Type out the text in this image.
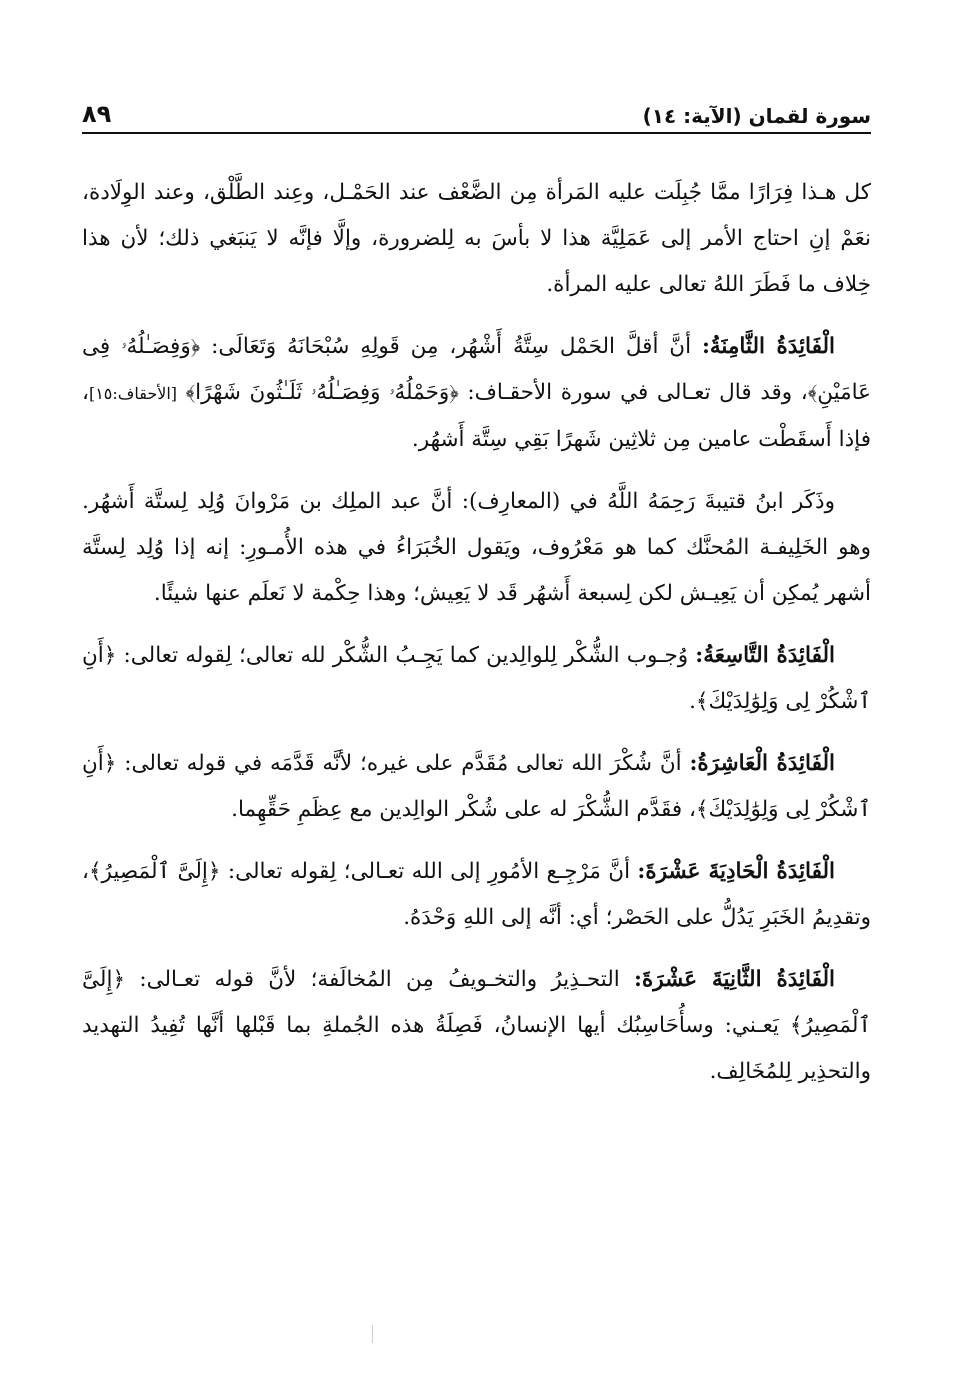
سورة لقمان (الآية: ١٤)
٨٩

كل هـذا فِرَارًا ممَّا جُبِلَت عليه المَرأة مِن الضَّعْف عند الحَمْـل، وعِند الطَّلْق، وعند الوِلَادة، نعَمْ إنِ احتاج الأمر إلى عَمَلِيَّة هذا لا بأسَ به لِلضرورة، وإلَّا فإنَّه لا يَنبَغي ذلك؛ لأن هذا خِلاف ما فَطَرَ اللهُ تعالى عليه المرأة.

الْفَائِدَةُ الثَّامِنَةُ: أنَّ أقلَّ الحَمْل سِتَّةُ أَشْهُر، مِن قَولِهِ سُبْحَانَهُ وَتَعَالَى: ﴿وَفِصَـٰلُهُۥ فِى عَامَيْنِ﴾، وقد قال تعـالى في سورة الأحقـاف: ﴿وَحَمْلُهُۥ وَفِصَـٰلُهُۥ ثَلَـٰثُونَ شَهْرًا﴾ [الأحقاف:١٥]، فإذا أَسقَطْت عامين مِن ثلاثِين شَهرًا بَقِي سِتَّة أَشهُر.

وذَكَر ابنُ قتيبةَ رَحِمَهُ اللَّهُ في (المعارِف): أنَّ عبد الملِك بن مَرْوانَ وُلِد لِستَّة أَشهُر. وهو الخَلِيفـة المُحنَّك كما هو مَعْرُوف، ويَقول الخُبَرَاءُ في هذه الأُمـورِ: إنه إذا وُلِد لِستَّة أشهر يُمكِن أن يَعِيـش لكن لِسبعة أَشهُر قَد لا يَعِيش؛ وهذا حِكْمة لا نَعلَم عنها شيئًا.

الْفَائِدَةُ التَّاسِعَةُ: وُجـوب الشُّكْر لِلوالِدين كما يَجِـبُ الشُّكْر لله تعالى؛ لِقوله تعالى: ﴿أَنِ ٱشْكُرْ لِى وَلِوَٰلِدَيْكَ﴾.

الْفَائِدَةُ الْعَاشِرَةُ: أنَّ شُكْرَ الله تعالى مُقَدَّم على غيره؛ لأنَّه قَدَّمَه في قوله تعالى: ﴿أَنِ ٱشْكُرْ لِى وَلِوَٰلِدَيْكَ﴾، فقَدَّم الشُّكْرَ له على شُكْر الوالِدين مع عِظَمِ حَقِّهِما.

الْفَائِدَةُ الْحَادِيَةَ عَشْرَةَ: أنَّ مَرْجِـع الأمُورِ إلى الله تعـالى؛ لِقوله تعالى: ﴿إِلَىَّ ٱلْمَصِيرُ﴾، وتقدِيمُ الخَبَرِ يَدُلُّ على الحَصْر؛ أي: أنَّه إلى اللهِ وَحْدَهُ.

الْفَائِدَةُ الثَّانِيَةَ عَشْرَةَ: التحـذِيرُ والتخـويفُ مِن المُخالَفة؛ لأنَّ قوله تعـالى: ﴿إِلَىَّ ٱلْمَصِيرُ﴾ يَعـني: وسأُحَاسِبُك أيها الإنسانُ، فَصِلَةُ هذه الجُملةِ بما قَبْلها أنَّها تُفِيدُ التهديد والتحذِير لِلمُخَالِف.
